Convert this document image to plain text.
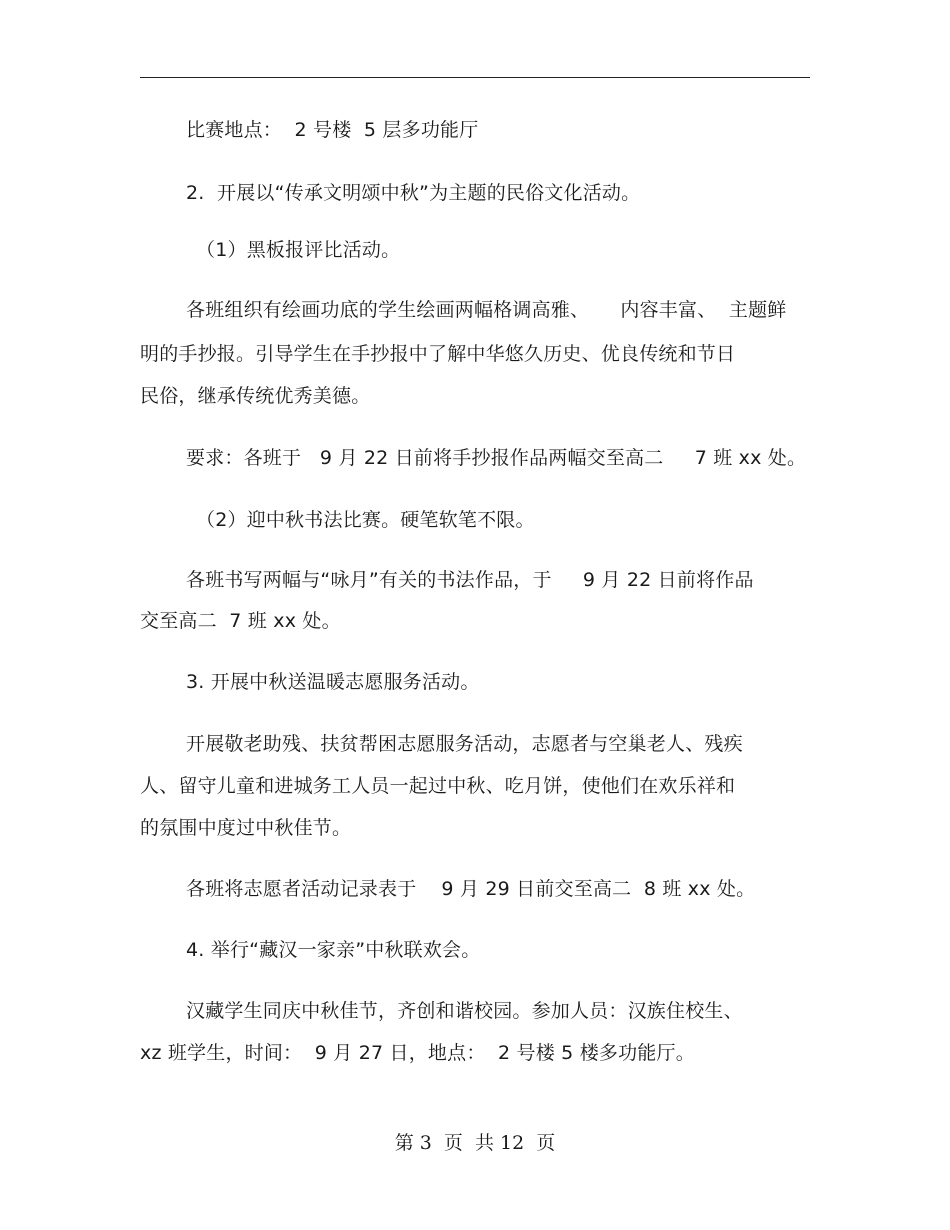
比赛地点：  2 号楼  5 层多功能厅
2.  开展以“传承文明颂中秋”为主题的民俗文化活动。
（1）黑板报评比活动。
各班组织有绘画功底的学生绘画两幅格调高雅、     内容丰富、  主题鲜
明的手抄报。引导学生在手抄报中了解中华悠久历史、优良传统和节日
民俗，继承传统优秀美德。
要求：各班于   9 月 22 日前将手抄报作品两幅交至高二     7 班 xx 处。
（2）迎中秋书法比赛。硬笔软笔不限。
各班书写两幅与“咏月”有关的书法作品，于     9 月 22 日前将作品
交至高二  7 班 xx 处。
3. 开展中秋送温暖志愿服务活动。
开展敬老助残、扶贫帮困志愿服务活动，志愿者与空巢老人、残疾
人、留守儿童和进城务工人员一起过中秋、吃月饼，使他们在欢乐祥和
的氛围中度过中秋佳节。
各班将志愿者活动记录表于    9 月 29 日前交至高二  8 班 xx 处。
4. 举行“藏汉一家亲”中秋联欢会。
汉藏学生同庆中秋佳节，齐创和谐校园。参加人员：汉族住校生、
xz 班学生，时间：  9 月 27 日，地点：  2 号楼 5 楼多功能厅。
第 3  页  共 12  页
